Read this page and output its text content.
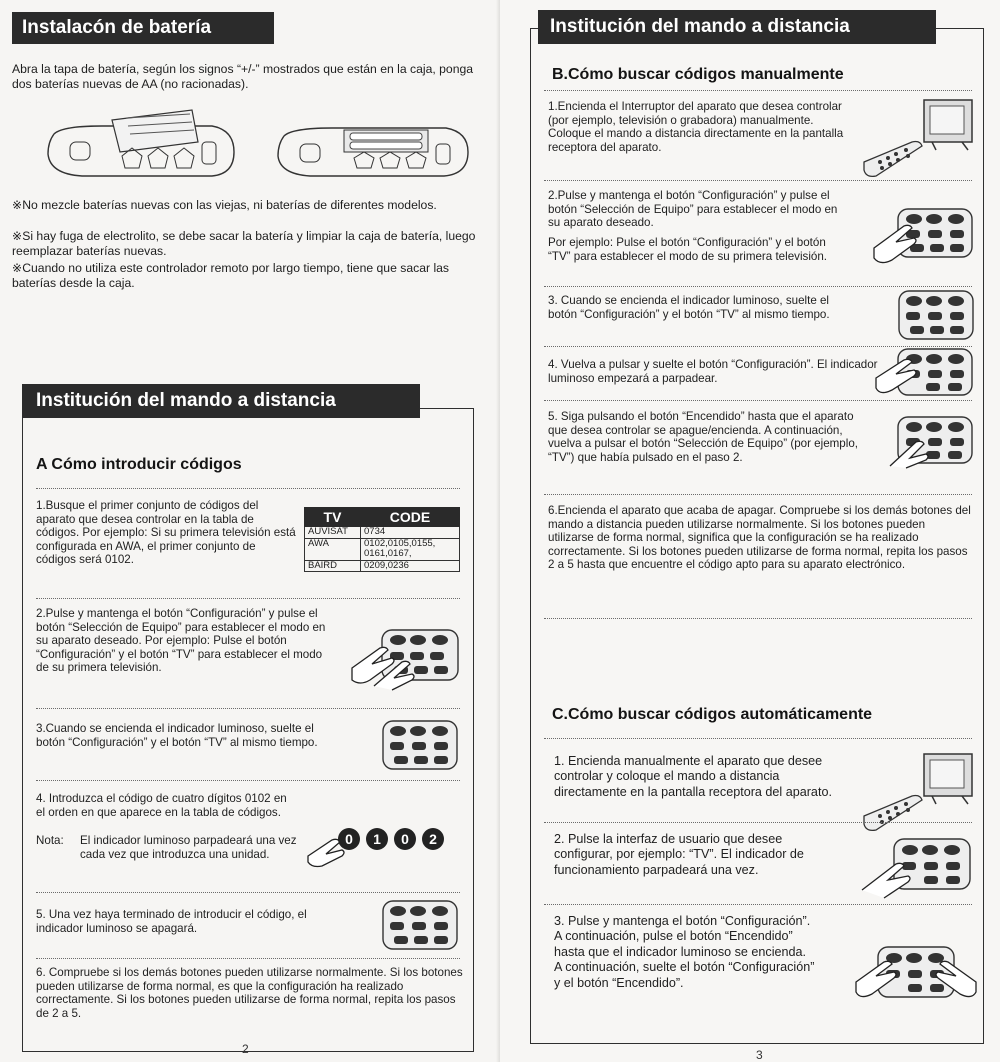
Instalacón de batería
Abra la tapa de batería, según los signos “+/-” mostrados que están en la caja, ponga dos baterías nuevas de AA (no racionadas).
※No mezcle baterías nuevas con las viejas, ni baterías de diferentes modelos.
※Si hay fuga de electrolito, se debe sacar la batería y limpiar la caja de batería, luego reemplazar baterías nuevas.
※Cuando no utiliza este controlador remoto por largo tiempo, tiene que sacar las baterías desde la caja.
Institución del mando a distancia
A Cómo introducir códigos
1.Busque el primer conjunto de códigos del aparato que desea controlar en la tabla de códigos. Por ejemplo: Si su primera televisión está configurada en AWA, el primer conjunto de códigos será 0102.
TV	CODE
AUVISAT	0734
AWA	0102,0105,0155,
	0161,0167,
BAIRD	0209,0236
2.Pulse y mantenga el botón “Configuración” y pulse el botón “Selección de Equipo” para establecer el modo en su aparato deseado. Por ejemplo: Pulse el botón “Configuración” y el botón “TV” para establecer el modo de su primera televisión.
3.Cuando se encienda el indicador luminoso, suelte el botón “Configuración” y el botón “TV” al mismo tiempo.
4. Introduzca el código de cuatro dígitos 0102 en el orden en que aparece en la tabla de códigos.
Nota:	El indicador luminoso parpadeará una vez cada vez que introduzca una unidad.
0	1	0	2
5. Una vez haya terminado de introducir el código, el indicador luminoso se apagará.
6. Compruebe si los demás botones pueden utilizarse normalmente. Si los botones pueden utilizarse de forma normal, es que la configuración ha realizado correctamente. Si los botones pueden utilizarse de forma normal, repita los pasos de 2 a 5.
2
Institución del mando a distancia
B.Cómo buscar códigos manualmente
1.Encienda el Interruptor del aparato que desea controlar (por ejemplo, televisión o grabadora) manualmente. Coloque el mando a distancia directamente en la pantalla receptora del aparato.
2.Pulse y mantenga el botón “Configuración” y pulse el botón “Selección de Equipo” para establecer el modo en su aparato deseado.
Por ejemplo: Pulse el botón “Configuración” y el botón “TV” para establecer el modo de su primera televisión.
3. Cuando se encienda el indicador luminoso, suelte el botón “Configuración” y el botón “TV” al mismo tiempo.
4. Vuelva a pulsar y suelte el botón “Configuración”. El indicador luminoso empezará a parpadear.
5. Siga pulsando el botón “Encendido” hasta que el aparato que desea controlar se apague/encienda. A continuación, vuelva a pulsar el botón “Selección de Equipo” (por ejemplo, “TV”) que había pulsado en el paso 2.
6.Encienda el aparato que acaba de apagar. Compruebe si los demás botones del mando a distancia pueden utilizarse normalmente. Si los botones pueden utilizarse de forma normal, significa que la configuración se ha realizado correctamente. Si los botones pueden utilizarse de forma normal, repita los pasos 2 a 5 hasta que encuentre el código apto para su aparato electrónico.
C.Cómo buscar códigos automáticamente
1. Encienda manualmente el aparato que desee controlar y coloque el mando a distancia directamente en la pantalla receptora del aparato.
2. Pulse la interfaz de usuario que desee configurar, por ejemplo: “TV”. El indicador de funcionamiento parpadeará una vez.
3. Pulse y mantenga el botón “Configuración”. A continuación, pulse el botón “Encendido” hasta que el indicador luminoso se encienda. A continuación, suelte el botón “Configuración” y el botón “Encendido”.
3
